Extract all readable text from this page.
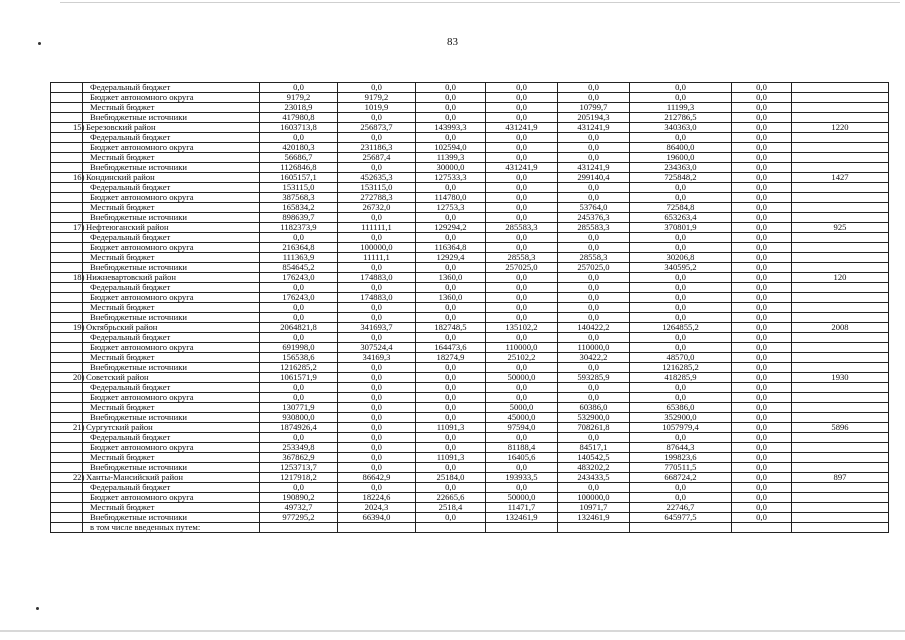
83
	Федеральный бюджет	0,0	0,0	0,0	0,0	0,0	0,0	0,0	
	Бюджет автономного округа	9179,2	9179,2	0,0	0,0	0,0	0,0	0,0	
	Местный бюджет	23018,9	1019,9	0,0	0,0	10799,7	11199,3	0,0	
	Внебюджетные источники	417980,8	0,0	0,0	0,0	205194,3	212786,5	0,0	
15)	Березовский район	1603713,8	256873,7	143993,3	431241,9	431241,9	340363,0	0,0	1220
	Федеральный бюджет	0,0	0,0	0,0	0,0	0,0	0,0	0,0	
	Бюджет автономного округа	420180,3	231186,3	102594,0	0,0	0,0	86400,0	0,0	
	Местный бюджет	56686,7	25687,4	11399,3	0,0	0,0	19600,0	0,0	
	Внебюджетные источники	1126846,8	0,0	30000,0	431241,9	431241,9	234363,0	0,0	
16)	Кондинский район	1605157,1	452635,3	127533,3	0,0	299140,4	725848,2	0,0	1427
	Федеральный бюджет	153115,0	153115,0	0,0	0,0	0,0	0,0	0,0	
	Бюджет автономного округа	387568,3	272788,3	114780,0	0,0	0,0	0,0	0,0	
	Местный бюджет	165834,2	26732,0	12753,3	0,0	53764,0	72584,8	0,0	
	Внебюджетные источники	898639,7	0,0	0,0	0,0	245376,3	653263,4	0,0	
17)	Нефтеюганский район	1182373,9	111111,1	129294,2	285583,3	285583,3	370801,9	0,0	925
	Федеральный бюджет	0,0	0,0	0,0	0,0	0,0	0,0	0,0	
	Бюджет автономного округа	216364,8	100000,0	116364,8	0,0	0,0	0,0	0,0	
	Местный бюджет	111363,9	11111,1	12929,4	28558,3	28558,3	30206,8	0,0	
	Внебюджетные источники	854645,2	0,0	0,0	257025,0	257025,0	340595,2	0,0	
18)	Нижневартовский район	176243,0	174883,0	1360,0	0,0	0,0	0,0	0,0	120
	Федеральный бюджет	0,0	0,0	0,0	0,0	0,0	0,0	0,0	
	Бюджет автономного округа	176243,0	174883,0	1360,0	0,0	0,0	0,0	0,0	
	Местный бюджет	0,0	0,0	0,0	0,0	0,0	0,0	0,0	
	Внебюджетные источники	0,0	0,0	0,0	0,0	0,0	0,0	0,0	
19)	Октябрьский район	2064821,8	341693,7	182748,5	135102,2	140422,2	1264855,2	0,0	2008
	Федеральный бюджет	0,0	0,0	0,0	0,0	0,0	0,0	0,0	
	Бюджет автономного округа	691998,0	307524,4	164473,6	110000,0	110000,0	0,0	0,0	
	Местный бюджет	156538,6	34169,3	18274,9	25102,2	30422,2	48570,0	0,0	
	Внебюджетные источники	1216285,2	0,0	0,0	0,0	0,0	1216285,2	0,0	
20)	Советский район	1061571,9	0,0	0,0	50000,0	593285,9	418285,9	0,0	1930
	Федеральный бюджет	0,0	0,0	0,0	0,0	0,0	0,0	0,0	
	Бюджет автономного округа	0,0	0,0	0,0	0,0	0,0	0,0	0,0	
	Местный бюджет	130771,9	0,0	0,0	5000,0	60386,0	65386,0	0,0	
	Внебюджетные источники	930800,0	0,0	0,0	45000,0	532900,0	352900,0	0,0	
21)	Сургутский район	1874926,4	0,0	11091,3	97594,0	708261,8	1057979,4	0,0	5896
	Федеральный бюджет	0,0	0,0	0,0	0,0	0,0	0,0	0,0	
	Бюджет автономного округа	253349,8	0,0	0,0	81188,4	84517,1	87644,3	0,0	
	Местный бюджет	367862,9	0,0	11091,3	16405,6	140542,5	199823,6	0,0	
	Внебюджетные источники	1253713,7	0,0	0,0	0,0	483202,2	770511,5	0,0	
22)	Ханты-Мансийский район	1217918,2	86642,9	25184,0	193933,5	243433,5	668724,2	0,0	897
	Федеральный бюджет	0,0	0,0	0,0	0,0	0,0	0,0	0,0	
	Бюджет автономного округа	190890,2	18224,6	22665,6	50000,0	100000,0	0,0	0,0	
	Местный бюджет	49732,7	2024,3	2518,4	11471,7	10971,7	22746,7	0,0	
	Внебюджетные источники	977295,2	66394,0	0,0	132461,9	132461,9	645977,5	0,0	
	в том числе введенных путем:								
